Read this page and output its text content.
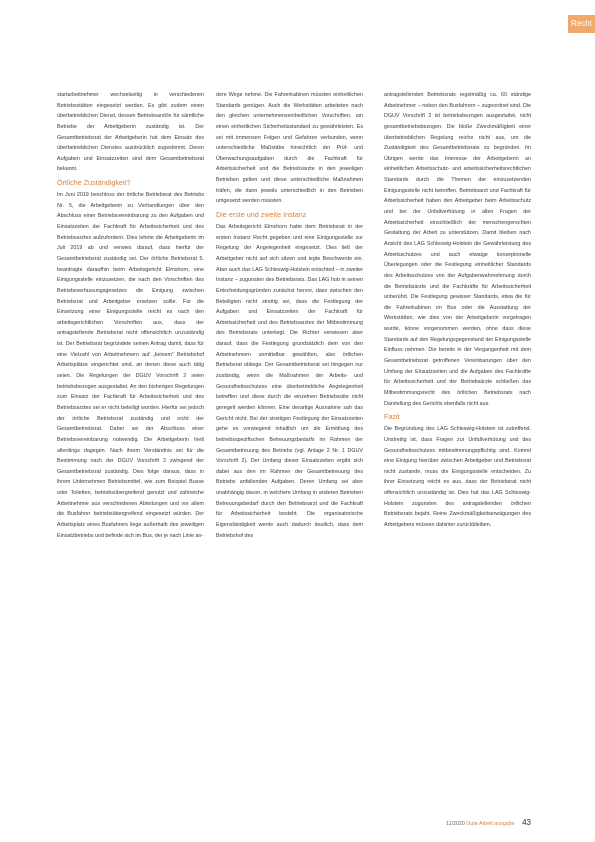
Recht

startarbeitnehmer wechselseitig in verschiedenen Betriebsstätten eingesetzt werden. Es gibt zudem einen überbetrieblichen Dienst, dessen Betriebsarzt/in für sämtliche Betriebe der Arbeitgeberin zuständig ist. Der Gesamtbetriebsrat der Arbeitgeberin hat dem Einsatz des überbetrieblichen Dienstes ausdrücklich zugestimmt. Deren Aufgaben und Einsatzzeiten sind dem Gesamtbetriebsrat bekannt.

Örtliche Zuständigkeit?

Im Juni 2019 beschloss der örtliche Betriebsrat des Betriebs Nr. 5, die Arbeitgeberin zu Verhandlungen über den Abschluss einer Betriebsvereinbarung zu den Aufgaben und Einsatzzeiten der Fachkraft für Arbeitssicherheit und des Betriebsarztes aufzufordern. Dies lehnte die Arbeitgeberin im Juli 2019 ab und verwies darauf, dass hierfür der Gesamtbetriebsrat zuständig sei. Der örtliche Betriebsrat 5. beantragte daraufhin beim Arbeitsgericht Elmshorn, eine Einigungsstelle einzusetzen, die nach den Vorschriften des Betriebsverfassungsgesetzes die Einigung zwischen Betriebsrat und Arbeitgeber ersetzen sollte. Für die Einsetzung einer Einigungsstelle reicht es nach den arbeitsgerichtlichen Vorschriften aus, dass der antragstellende Betriebsrat nicht offensichtlich unzuständig ist. Der Betriebsrat begründete seinen Antrag damit, dass für eine Vielzahl von Arbeitnehmern auf „keinem“ Betriebshof Arbeitsplätze eingerichtet sind, an denen diese auch tätig seien. Die Regelungen der DGUV Vorschrift 2 seien betriebsbezogen ausgestaltet. An den bisherigen Regelungen zum Einsatz der Fachkraft für Arbeitssicherheit und des Betriebsarztes sei er nicht beteiligt worden. Hierfür sei jedoch der örtliche Betriebsrat zuständig und nicht der Gesamtbetriebsrat. Daher sei der Abschluss einer Betriebsvereinbarung notwendig. Die Arbeitgeberin hielt allerdings dagegen. Nach ihrem Verständnis sei für die Bestimmung nach der DGUV Vorschrift 2 zwingend der Gesamtbetriebsrat zuständig. Dies folge daraus, dass in ihrem Unternehmen Betriebsmittel, wie zum Beispiel Busse oder Toiletten, betriebsübergreifend genutzt und zahlreiche Arbeitnehmer aus verschiedenen Abteilungen und vor allem die Busfahrer betriebsübergreifend eingesetzt würden. Der Arbeitsplatz eines Busfahrers liege außerhalb des jeweiligen Einsatzbetriebs und befinde sich im Bus, der je nach Linie an-

dere Wege nehme. Die Fahrerkabinen müssten einheitlichen Standards genügen. Auch die Werkstätten arbeiteten nach den gleichen unternehmenseinheitlichen Vorschriften, um einen einheitlichen Sicherheitsstandard zu gewährleisten. Es sei mit immensen Folgen und Gefahren verbunden, wenn unterschiedliche Maßstäbe hinsichtlich der Prüf- und Überwachungsaufgaben durch die Fachkraft für Arbeitssicherheit und die Betriebsärzte in den jeweiligen Betrieben gelten und diese unterschiedliche Maßnahmen träfen, die dann jeweils unterschiedlich in den Betrieben umgesetzt werden müssten.

Die erste und zweite Instanz

Das Arbeitsgericht Elmshorn hatte dem Betriebsrat in der ersten Instanz Recht gegeben und eine Einigungsstelle zur Regelung der Angelegenheit eingesetzt. Dies ließ der Arbeitgeber nicht auf sich sitzen und legte Beschwerde ein. Aber auch das LAG Schleswig-Holstein entschied – in zweiter Instanz – zugunsten des Betriebsrats. Das LAG hob in seinen Entscheidungsgründen zunächst hervor, dass zwischen den Beteiligten nicht streitig sei, dass die Festlegung der Aufgaben und Einsatzzeiten der Fachkraft für Arbeitssicherheit und des Betriebsarztes der Mitbestimmung des Betriebsrats unterliegt. Die Richter verwiesen aber darauf, dass die Festlegung grundsätzlich dem von den Arbeitnehmern unmittelbar gewählten, also örtlichen Betriebsrat obliege. Der Gesamtbetriebsrat sei hingegen nur zuständig, wenn die Maßnahmen der Arbeits- und Gesundheitsschutzes eine überbetriebliche Angelegenheit betreffen und diese durch die einzelnen Betriebsräte nicht geregelt werden können. Eine derartige Ausnahme sah das Gericht nicht. Bei der streitigen Festlegung der Einsatzzeiten gehe es vorwiegend inhaltlich um die Ermittlung des betriebsspezifischen Betreuungsbedarfs im Rahmen der Gesamtbetreuung des Betriebs (vgl. Anlage 2 Nr. 1 DGUV Vorschrift 2). Der Umfang dieser Einsatzzeiten ergibt sich dabei aus den im Rahmen der Gesamtbetreuung des Betriebs anfallenden Aufgaben. Deren Umfang sei aber unabhängig davon, in welchem Umfang in anderen Betrieben Betreuungsbedarf durch den Betriebsarzt und die Fachkraft für Arbeitssicherheit besteht. Die organisatorische Eigenständigkeit werde auch dadurch deutlich, dass dem Betriebshof des

antragstellenden Betriebsrats regelmäßig ca. 60 ständige Arbeitnehmer – neben den Busfahrern – zugeordnet sind. Die DGUV Vorschrift 2 ist betriebsbezogen ausgestaltet, nicht gesamtbetriebsbezogen. Die bloße Zweckmäßigkeit einer überbetrieblichen Regelung reiche nicht aus, um die Zuständigkeit des Gesamtbetriebsrats zu begründen. Im Übrigen werde das Interesse der Arbeitgeberin an einheitlichen Arbeitsschutz- und arbeitssicherheitsrechtlichen Standards durch die Themen der einzusetzenden Einigungsstelle nicht betroffen. Betriebsarzt und Fachkraft für Arbeitssicherheit haben den Arbeitgeber beim Arbeitsschutz und bei der Unfallverhütung in allen Fragen der Arbeitssicherheit einschließlich der menschengerechten Gestaltung der Arbeit zu unterstützen. Damit bleiben nach Ansicht des LAG Schleswig-Holstein die Gewährleistung des Arbeitsschutzes und auch etwaige konzeptionelle Überlegungen oder die Festlegung einheitlicher Standards des Arbeitsschutzes von der Aufgabenwahrnehmung durch die Betriebsärzte und die Fachkräfte für Arbeitssicherheit unberührt. Die Festlegung gewisser Standards, etwa die für die Fahrerkabinen im Bus oder die Ausstattung der Werkstätten, wie dies von der Arbeitgeberin vorgetragen wurde, könne vorgenommen werden, ohne dass diese Standards auf den Regelungsgegenstand der Einigungsstelle Einfluss nehmen. Die bereits in der Vergangenheit mit dem Gesamtbetriebsrat getroffenen Vereinbarungen über den Umfang der Einsatzzeiten und die Aufgaben des Fachkräfte für Arbeitssicherheit und der Betriebsärzte schließen das Mitbestimmungsrecht des örtlichen Betriebsrats nach Darstellung des Gerichts ebenfalls nicht aus.

Fazit

Die Begründung des LAG Schleswig-Holstein ist zutreffend. Unstreitig ist, dass Fragen zur Unfallverhütung und des Gesundheitsschutzes mitbestimmungspflichtig sind. Kommt eine Einigung hierüber zwischen Arbeitgeber und Betriebsrat nicht zustande, muss die Einigungsstelle entscheiden. Zu ihrer Einsetzung reicht es aus, dass der Betriebsrat nicht offensichtlich unzuständig ist. Dies hat das LAG Schleswig-Holstein zugunsten des antragstellenden örtlichen Betriebsrats bejaht. Reine Zweckmäßigkeitserwägungen des Arbeitgebers müssen dahinter zurückbleiben.

11/2020 Gute Arbeit ausgabe 43
